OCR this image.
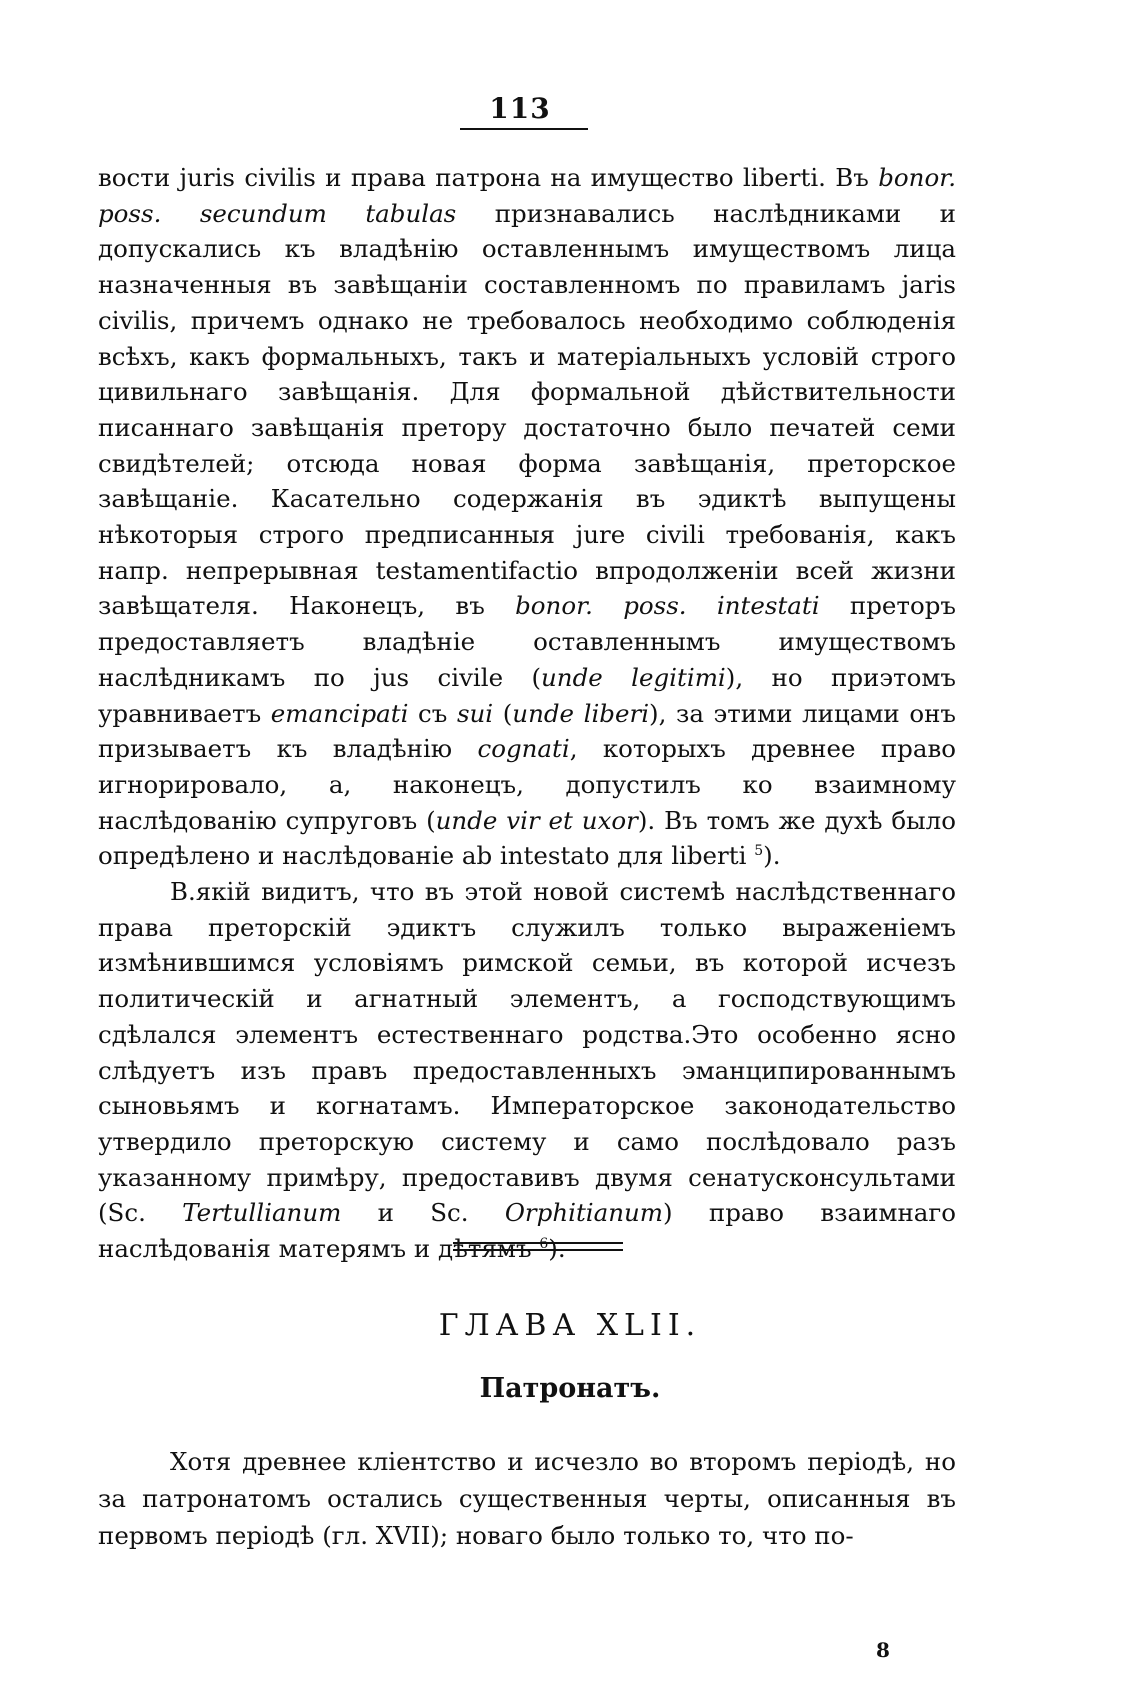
113

вости juris civilis и права патрона на имущество liberti. Въ bonor. poss. secundum tabulas признавались наслѣдниками и допускались къ владѣнію оставленнымъ имуществомъ лица назначенныя въ завѣщаніи составленномъ по правиламъ jaris civilis, причемъ однако не требовалось необходимо соблюденія всѣхъ, какъ формальныхъ, такъ и матеріальныхъ условій строго цивильнаго завѣщанія. Для формальной дѣйствительности писаннаго завѣщанія претору достаточно было печатей семи свидѣтелей; отсюда новая форма завѣщанія, преторское завѣщаніе. Касательно содержанія въ эдиктѣ выпущены нѣкоторыя строго предписанныя jure civili требованія, какъ напр. непрерывная testamentifactio впродолженіи всей жизни завѣщателя. Наконецъ, въ bonor. poss. intestati преторъ предоставляетъ владѣніе оставленнымъ имуществомъ наслѣдникамъ по jus civile (unde legitimi), но приэтомъ уравниваетъ emancipati съ sui (unde liberi), за этими лицами онъ призываетъ къ владѣнію cognati, которыхъ древнее право игнорировало, а, наконецъ, допустилъ ко взаимному наслѣдованію супруговъ (unde vir et uxor). Въ томъ же духѣ было опредѣлено и наслѣдованіе ab intestato для liberti $^5$).

В.якій видитъ, что въ этой новой системѣ наслѣдственнаго права преторскій эдиктъ служилъ только выраженіемъ измѣнившимся условіямъ римской семьи, въ которой исчезъ политическій и агнатный элементъ, а господствующимъ сдѣлался элементъ естественнаго родства.Это особенно ясно слѣдуетъ изъ правъ предоставленныхъ эманципированнымъ сыновьямъ и когнатамъ. Императорское законодательство утвердило преторскую систему и само послѣдовало разъ указанному примѣру, предоставивъ двумя сенатусконсультами (Sc. Tertullianum и Sc. Orphitianum) право взаимнаго наслѣдованія матерямъ и дѣтямъ $^6$).

ГЛАВА XLII.
Патронатъ.

Хотя древнее кліентство и исчезло во второмъ періодѣ, но за патронатомъ остались существенныя черты, описанныя въ первомъ періодѣ (гл. XVII); новаго было только то, что по-

8
